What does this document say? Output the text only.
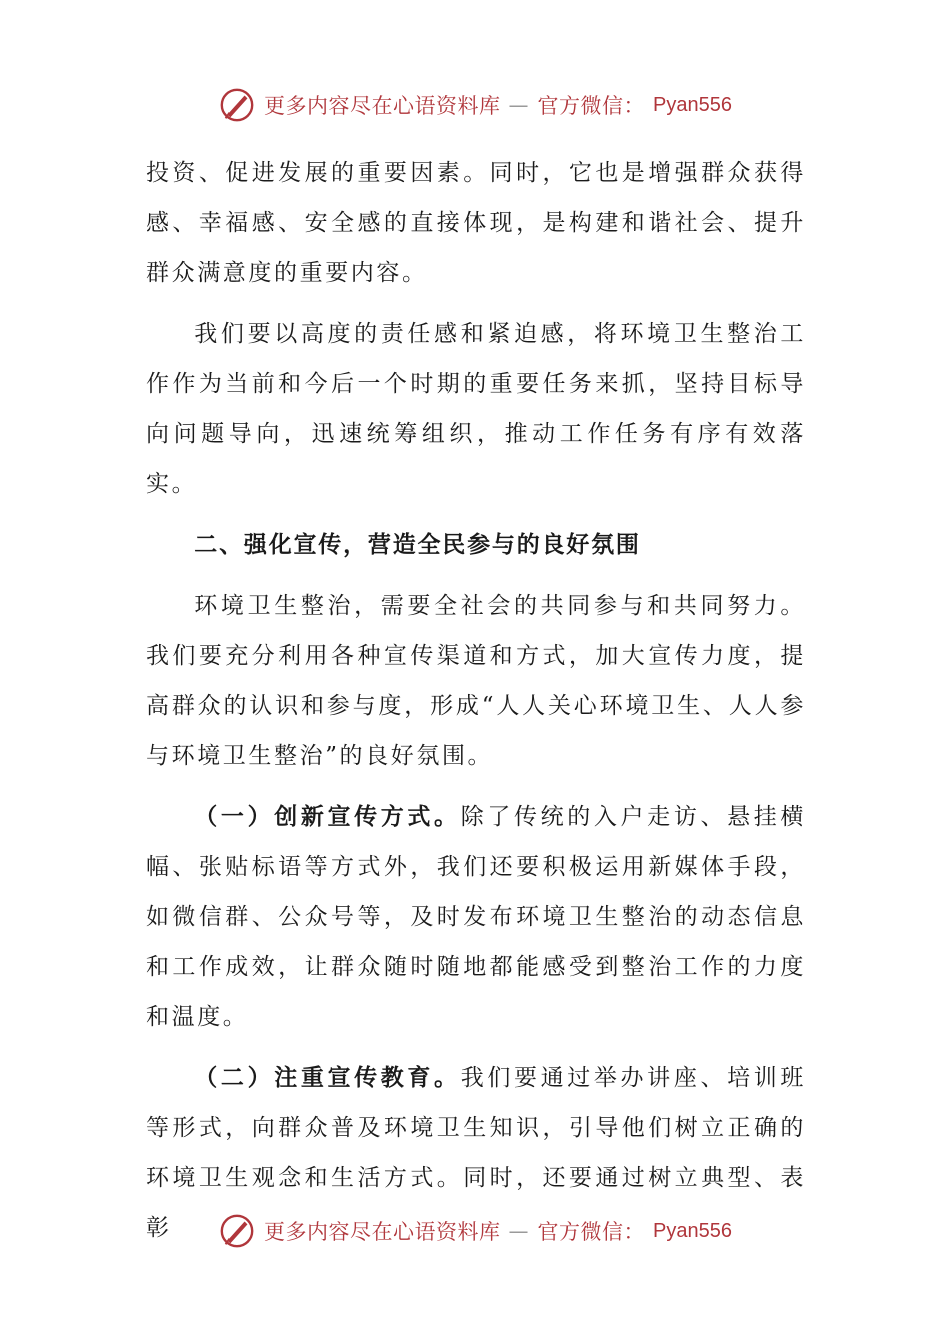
更多内容尽在心语资料库 — 官方微信： Pyan556

投资、促进发展的重要因素。同时，它也是增强群众获得感、幸福感、安全感的直接体现，是构建和谐社会、提升群众满意度的重要内容。

我们要以高度的责任感和紧迫感，将环境卫生整治工作作为当前和今后一个时期的重要任务来抓，坚持目标导向问题导向，迅速统筹组织，推动工作任务有序有效落实。

二、强化宣传，营造全民参与的良好氛围

环境卫生整治，需要全社会的共同参与和共同努力。我们要充分利用各种宣传渠道和方式，加大宣传力度，提高群众的认识和参与度，形成“人人关心环境卫生、人人参与环境卫生整治”的良好氛围。

（一）创新宣传方式。除了传统的入户走访、悬挂横幅、张贴标语等方式外，我们还要积极运用新媒体手段，如微信群、公众号等，及时发布环境卫生整治的动态信息和工作成效，让群众随时随地都能感受到整治工作的力度和温度。

（二）注重宣传教育。我们要通过举办讲座、培训班等形式，向群众普及环境卫生知识，引导他们树立正确的环境卫生观念和生活方式。同时，还要通过树立典型、表彰	更多内容尽在心语资料库 — 官方微信： Pyan556
